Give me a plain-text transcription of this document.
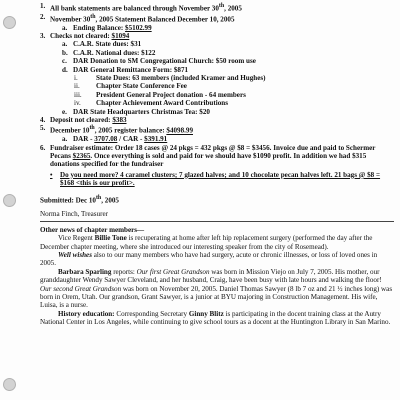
1. All bank statements are balanced through November 30th, 2005
2. November 30th, 2005 Statement Balanced December 10, 2005
a. Ending Balance: $5102.99
3. Checks not cleared: $1094
a. C.A.R. State dues: $31
b. C.A.R. National dues: $122
c. DAR Donation to SM Congregational Church: $50 room use
d. DAR General Remittance Form: $871
i.	State Dues: 63 members (included Kramer and Hughes)
ii.	Chapter State Conference Fee
iii.	President General Project donation - 64 members
iv.	Chapter Achievement Award Contributions
e. DAR State Headquarters Christmas Tea: $20
4. Deposit not cleared: $383
5. December 10th, 2005 register balance: $4098.99
a. DAR - 3707.08 / CAR - $391.91
6. Fundraiser estimate: Order 18 cases @ 24 pkgs = 432 pkgs @ $8 = $3456. Invoice due and paid to Schermer Pecans $2365. Once everything is sold and paid for we should have $1090 profit. In addition we had $315 donations specified for the fundraiser
•	Do you need more? 4 caramel clusters; 7 glazed halves; and 10 chocolate pecan halves left. 21 bags @ $8 = $168 <this is our profit>.
Submitted: Dec 10th, 2005
Norma Finch, Treasurer
Other news of chapter members—

Vice Regent Billie Tone is recuperating at home after left hip replacement surgery (performed the day after the December chapter meeting, where she introduced our interesting speaker from the city of Rosemead).

Well wishes also to our many members who have had surgery, acute or chronic illnesses, or loss of loved ones in 2005.

Barbara Sparling reports: Our first Great Grandson was born in Mission Viejo on July 7, 2005. His mother, our granddaughter Wendy Sawyer Cleveland, and her husband, Craig, have been busy with late hours and walking the floor! Our second Great Grandson was born on November 20, 2005. Daniel Thomas Sawyer (8 lb 7 oz and 21 ½ inches long) was born in Orem, Utah. Our grandson, Grant Sawyer, is a junior at BYU majoring in Construction Management. His wife, Luisa, is a nurse.

History education: Corresponding Secretary Ginny Blitz is participating in the docent training class at the Autry National Center in Los Angeles, while continuing to give school tours as a docent at the Huntington Library in San Marino.
